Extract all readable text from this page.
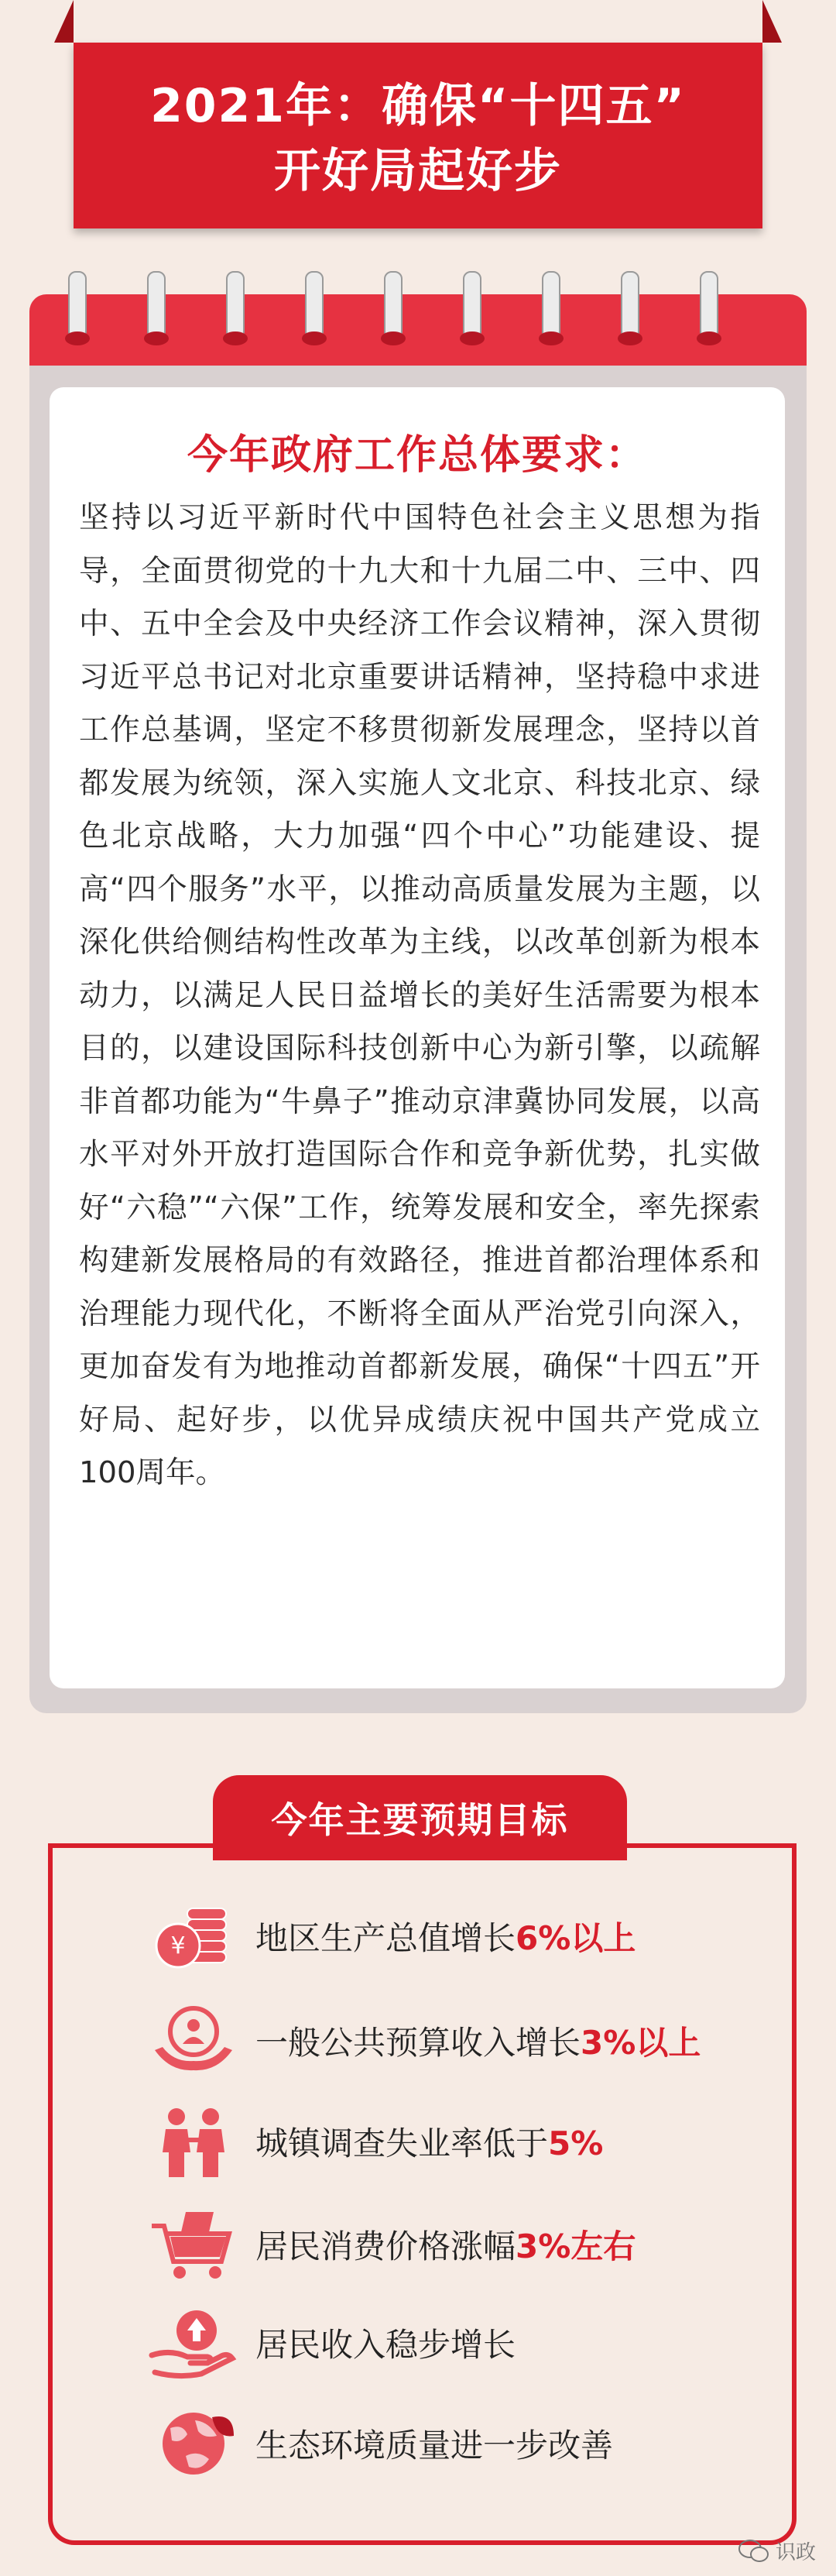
2021年：确保“十四五”
开好局起好步
今年政府工作总体要求：
坚持以习近平新时代中国特色社会主义思想为指导，全面贯彻党的十九大和十九届二中、三中、四中、五中全会及中央经济工作会议精神，深入贯彻习近平总书记对北京重要讲话精神，坚持稳中求进工作总基调，坚定不移贯彻新发展理念，坚持以首都发展为统领，深入实施人文北京、科技北京、绿色北京战略，大力加强“四个中心”功能建设、提高“四个服务”水平，以推动高质量发展为主题，以深化供给侧结构性改革为主线，以改革创新为根本动力，以满足人民日益增长的美好生活需要为根本目的，以建设国际科技创新中心为新引擎，以疏解非首都功能为“牛鼻子”推动京津冀协同发展，以高水平对外开放打造国际合作和竞争新优势，扎实做好“六稳”“六保”工作，统筹发展和安全，率先探索构建新发展格局的有效路径，推进首都治理体系和治理能力现代化，不断将全面从严治党引向深入，更加奋发有为地推动首都新发展，确保“十四五”开好局、起好步，以优异成绩庆祝中国共产党成立100周年。
今年主要预期目标
¥ 地区生产总值增长6%以上
一般公共预算收入增长3%以上
城镇调查失业率低于5%
居民消费价格涨幅3%左右
居民收入稳步增长
生态环境质量进一步改善
识政
